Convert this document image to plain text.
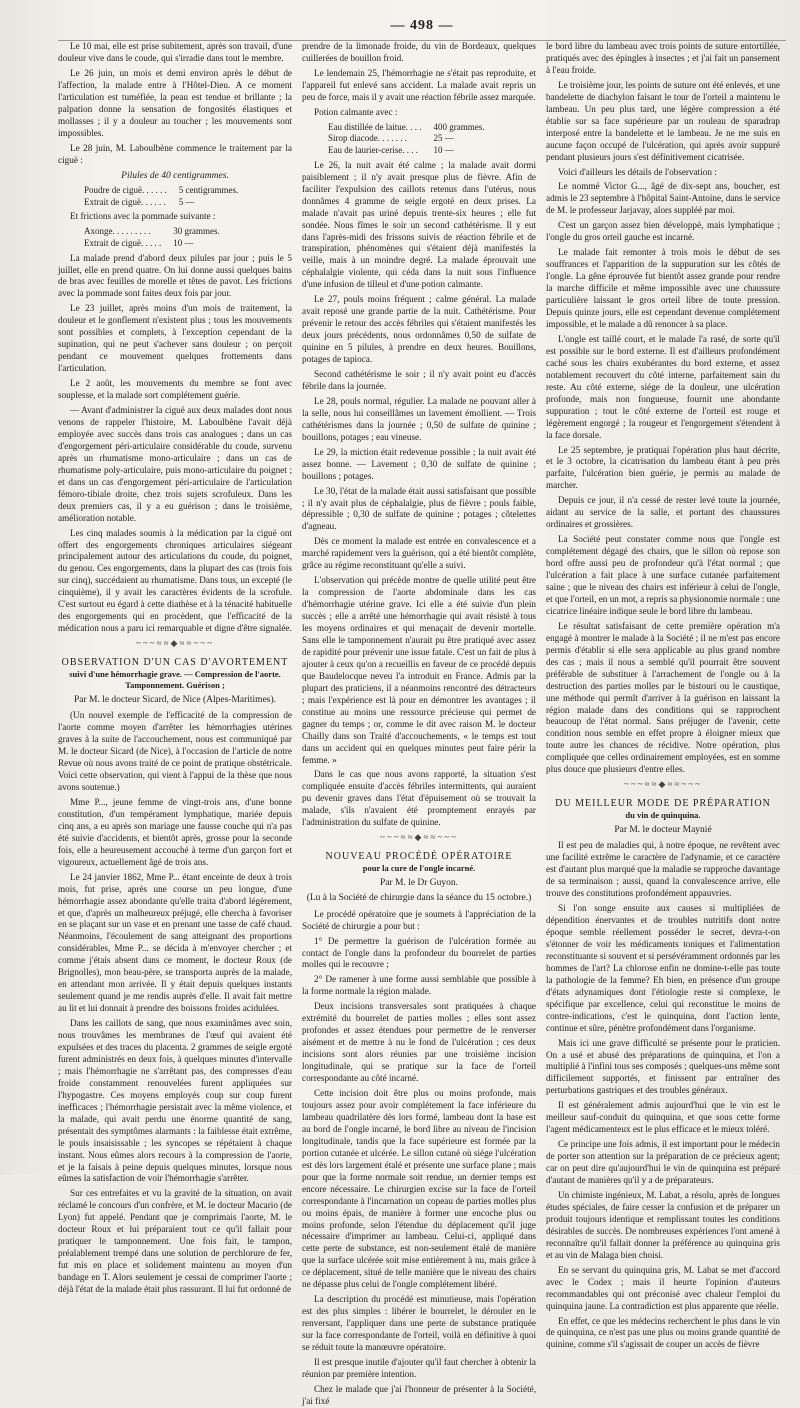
— 498 —

Le 10 mai, elle est prise subitement, après son travail, d'une douleur vive dans le coude, qui s'irradie dans tout le membre.

Le 26 juin, un mois et demi environ après le début de l'affection, la malade entre à l'Hôtel-Dieu. A ce moment l'articulation est tuméfiée, la peau est tendue et brillante ; la palpation donne la sensation de fongosités élastiques et mollasses ; il y a douleur au toucher ; les mouvements sont impossibles.

Le 28 juin, M. Laboulbène commence le traitement par la ciguë :

Pilules de 40 centigrammes.
Poudre de ciguë. . . . . .	5 centigrammes.
Extrait de ciguë. . . . . .	5 —

Et frictions avec la pommade suivante :

Axonge. . . . . . . . .	30 grammes.
Extrait de ciguë. . . . .	10 —

La malade prend d'abord deux pilules par jour ; puis le 5 juillet, elle en prend quatre. On lui donne aussi quelques bains de bras avec feuilles de morelle et têtes de pavot. Les frictions avec la pommade sont faites deux fois par jour.

Le 23 juillet, après moins d'un mois de traitement, la douleur et le gonflement n'existent plus ; tous les mouvements sont possibles et complets, à l'exception cependant de la supination, qui ne peut s'achever sans douleur ; on perçoit pendant ce mouvement quelques frottements dans l'articulation.

Le 2 août, les mouvements du membre se font avec souplesse, et la malade sort complétement guérie.

— Avant d'administrer la ciguë aux deux malades dont nous venons de rappeler l'histoire, M. Laboulbène l'avait déjà employée avec succès dans trois cas analogues ; dans un cas d'engorgement péri-articulaire considérable du coude, survenu après un rhumatisme mono-articulaire ; dans un cas de rhumatisme poly-articulaire, puis mono-articulaire du poignet ; et dans un cas d'engorgement péri-articulaire de l'articulation fémoro-tibiale droite, chez trois sujets scrofuleux. Dans les deux premiers cas, il y a eu guérison ; dans le troisième, amélioration notable.

Les cinq malades soumis à la médication par la ciguë ont offert des engorgements chroniques articulaires siégeant principalement autour des articulations du coude, du poignet, du genou. Ces engorgements, dans la plupart des cas (trois fois sur cinq), succédaient au rhumatisme. Dans tous, un excepté (le cinquième), il y avait les caractères évidents de la scrofule. C'est surtout eu égard à cette diathèse et à la ténacité habituelle des engorgements qui en procèdent, que l'efficacité de la médication nous a paru ici remarquable et digne d'être signalée.

~~~≈≈◆≈≈~~~
OBSERVATION D'UN CAS D'AVORTEMENT
suivi d'une hémorrhagie grave. — Compression de l'aorte. Tamponnement. Guérison ;
Par M. le docteur Sicard, de Nice (Alpes-Maritimes).

(Un nouvel exemple de l'efficacité de la compression de l'aorte comme moyen d'arrêter les hémorrhagies utérines graves à la suite de l'accouchement, nous est communiqué par M. le docteur Sicard (de Nice), à l'occasion de l'article de notre Revue où nous avons traité de ce point de pratique obstétricale. Voici cette observation, qui vient à l'appui de la thèse que nous avons soutenue.)

Mme P..., jeune femme de vingt-trois ans, d'une bonne constitution, d'un tempérament lymphatique, mariée depuis cinq ans, a eu après son mariage une fausse couche qui n'a pas été suivie d'accidents, et bientôt après, grosse pour la seconde fois, elle a heureusement accouché à terme d'un garçon fort et vigoureux, actuellement âgé de trois ans.

Le 24 janvier 1862, Mme P... étant enceinte de deux à trois mois, fut prise, après une course un peu longue, d'une hémorrhagie assez abondante qu'elle traita d'abord légèrement, et que, d'après un malheureux préjugé, elle chercha à favoriser en se plaçant sur un vase et en prenant une tasse de café chaud. Néanmoins, l'écoulement de sang atteignant des proportions considérables, Mme P... se décida à m'envoyer chercher ; et comme j'étais absent dans ce moment, le docteur Roux (de Brignolles), mon beau-père, se transporta auprès de la malade, en attendant mon arrivée. Il y était depuis quelques instants seulement quand je me rendis auprès d'elle. Il avait fait mettre au lit et lui donnait à prendre des boissons froides acidulées.

Dans les caillots de sang, que nous examinâmes avec soin, nous trouvâmes les membranes de l'œuf qui avaient été expulsées et des traces du placenta. 2 grammes de seigle ergoté furent administrés en deux fois, à quelques minutes d'intervalle ; mais l'hémorrhagie ne s'arrêtant pas, des compresses d'eau froide constamment renouvelées furent appliquées sur l'hypogastre. Ces moyens employés coup sur coup furent inefficaces ; l'hémorrhagie persistait avec la même violence, et la malade, qui avait perdu une énorme quantité de sang, présentait des symptômes alarmants : la faiblesse était extrême, le pouls insaisissable ; les syncopes se répétaient à chaque instant. Nous eûmes alors recours à la compression de l'aorte, et je la faisais à peine depuis quelques minutes, lorsque nous eûmes la satisfaction de voir l'hémorrhagie s'arrêter.

Sur ces entrefaites et vu la gravité de la situation, on avait réclamé le concours d'un confrère, et M. le docteur Macario (de Lyon) fut appelé. Pendant que je comprimais l'aorte, M. le docteur Roux et lui préparaient tout ce qu'il fallait pour pratiquer le tamponnement. Une fois fait, le tampon, préalablement trempé dans une solution de perchlorure de fer, fut mis en place et solidement maintenu au moyen d'un bandage en T. Alors seulement je cessai de comprimer l'aorte ; déjà l'état de la malade était plus rassurant. Il lui fut ordonné de

prendre de la limonade froide, du vin de Bordeaux, quelques cuillerées de bouillon froid.

Le lendemain 25, l'hémorrhagie ne s'était pas reproduite, et l'appareil fut enlevé sans accident. La malade avait repris un peu de force, mais il y avait une réaction fébrile assez marquée.

Potion calmante avec :

Eau distillée de laitue. . . .	400 grammes.
Sirop diacode. . . . . . .	25 —
Eau de laurier-cerise. . . .	10 —

Le 26, la nuit avait été calme ; la malade avait dormi paisiblement ; il n'y avait presque plus de fièvre. Afin de faciliter l'expulsion des caillots retenus dans l'utérus, nous donnâmes 4 gramme de seigle ergoté en deux prises. La malade n'avait pas uriné depuis trente-six heures ; elle fut sondée. Nous fîmes le soir un second cathétérisme. Il y eut dans l'après-midi des frissons suivis de réaction fébrile et de transpiration, phénomènes qui s'étaient déjà manifestés la veille, mais à un moindre degré. La malade éprouvait une céphalalgie violente, qui céda dans la nuit sous l'influence d'une infusion de tilleul et d'une potion calmante.

Le 27, pouls moins fréquent ; calme général. La malade avait reposé une grande partie de la nuit. Cathétérisme. Pour prévenir le retour des accès fébriles qui s'étaient manifestés les deux jours précédents, nous ordonnâmes 0,50 de sulfate de quinine en 5 pilules, à prendre en deux heures. Bouillons, potages de tapioca.

Second cathétérisme le soir ; il n'y avait point eu d'accès fébrile dans la journée.

Le 28, pouls normal, régulier. La malade ne pouvant aller à la selle, nous lui conseillâmes un lavement émollient. — Trois cathétérismes dans la journée ; 0,50 de sulfate de quinine ; bouillons, potages ; eau vineuse.

Le 29, la miction était redevenue possible ; la nuit avait été assez bonne. — Lavement ; 0,30 de sulfate de quinine ; bouillons ; potages.

Le 30, l'état de la malade était aussi satisfaisant que possible ; il n'y avait plus de céphalalgie, plus de fièvre ; pouls faible, dépressible ; 0,30 de sulfate de quinine ; potages ; côtelettes d'agneau.

Dès ce moment la malade est entrée en convalescence et a marché rapidement vers la guérison, qui a été bientôt complète, grâce au régime reconstituant qu'elle a suivi.

L'observation qui précède montre de quelle utilité peut être la compression de l'aorte abdominale dans les cas d'hémorrhagie utérine grave. Ici elle a été suivie d'un plein succès ; elle a arrêté une hémorrhagie qui avait résisté à tous les moyens ordinaires et qui menaçait de devenir mortelle. Sans elle le tamponnement n'aurait pu être pratiqué avec assez de rapidité pour prévenir une issue fatale. C'est un fait de plus à ajouter à ceux qu'on a recueillis en faveur de ce procédé depuis que Baudelocque neveu l'a introduit en France. Admis par la plupart des praticiens, il a néanmoins rencontré des détracteurs ; mais l'expérience est là pour en démontrer les avantages ; il constitue au moins une ressource précieuse qui permet de gagner du temps ; or, comme le dit avec raison M. le docteur Chailly dans son Traité d'accouchements, « le temps est tout dans un accident qui en quelques minutes peut faire périr la femme. »

Dans le cas que nous avons rapporté, la situation s'est compliquée ensuite d'accès fébriles intermittents, qui auraient pu devenir graves dans l'état d'épuisement où se trouvait la malade, s'ils n'avaient été promptement enrayés par l'administration du sulfate de quinine.

~~~≈≈◆≈≈~~~
NOUVEAU PROCÉDÉ OPÉRATOIRE
pour la cure de l'ongle incarné.
Par M. le Dr Guyon.
(Lu à la Société de chirurgie dans la séance du 15 octobre.)

Le procédé opératoire que je soumets à l'appréciation de la Société de chirurgie a pour but :

1° De permettre la guérison de l'ulcération formée au contact de l'ongle dans la profondeur du bourrelet de parties molles qui le recouvre ;

2° De ramener à une forme aussi semblable que possible à la forme normale la région malade.

Deux incisions transversales sont pratiquées à chaque extrémité du bourrelet de parties molles ; elles sont assez profondes et assez étendues pour permettre de le renverser aisément et de mettre à nu le fond de l'ulcération ; ces deux incisions sont alors réunies par une troisième incision longitudinale, qui se pratique sur la face de l'orteil correspondante au côté incarné.

Cette incision doit être plus ou moins profonde, mais toujours assez pour avoir complétement la face inférieure du lambeau quadrilatère dès lors formé, lambeau dont la base est au bord de l'ongle incarné, le bord libre au niveau de l'incision longitudinale, tandis que la face supérieure est formée par la portion cutanée et ulcérée. Le sillon cutané où siége l'ulcération est dès lors largement étalé et présente une surface plane ; mais pour que la forme normale soit rendue, un dernier temps est encore nécessaire. Le chirurgien excise sur la face de l'orteil correspondante à l'incarnation un copeau de parties molles plus ou moins épais, de manière à former une encoche plus ou moins profonde, selon l'étendue du déplacement qu'il juge nécessaire d'imprimer au lambeau. Celui-ci, appliqué dans cette perte de substance, est non-seulement étalé de manière que la surface ulcérée soit mise entièrement à nu, mais grâce à ce déplacement, situé de telle manière que le niveau des chairs ne dépasse plus celui de l'ongle complétement libéré.

La description du procédé est minutieuse, mais l'opération est des plus simples : libérer le bourrelet, le dérouler en le renversant, l'appliquer dans une perte de substance pratiquée sur la face correspondante de l'orteil, voilà en définitive à quoi se réduit toute la manœuvre opératoire.

Il est presque inutile d'ajouter qu'il faut chercher à obtenir la réunion par première intention.

Chez le malade que j'ai l'honneur de présenter à la Société, j'ai fixé

le bord libre du lambeau avec trois points de suture entortillée, pratiqués avec des épingles à insectes ; et j'ai fait un pansement à l'eau froide.

Le troisième jour, les points de suture ont été enlevés, et une bandelette de diachylon faisant le tour de l'orteil a maintenu le lambeau. Un peu plus tard, une légère compression a été établie sur sa face supérieure par un rouleau de sparadrap interposé entre la bandelette et le lambeau. Je ne me suis en aucune façon occupé de l'ulcération, qui après avoir suppuré pendant plusieurs jours s'est définitivement cicatrisée.

Voici d'ailleurs les détails de l'observation :

Le nommé Victor G..., âgé de dix-sept ans, boucher, est admis le 23 septembre à l'hôpital Saint-Antoine, dans le service de M. le professeur Jarjavay, alors suppléé par moi.

C'est un garçon assez bien développé, mais lymphatique ; l'ongle du gros orteil gauche est incarné.

Le malade fait remonter à trois mois le début de ses souffrances et l'apparition de la suppuration sur les côtés de l'ongle. La gêne éprouvée fut bientôt assez grande pour rendre la marche difficile et même impossible avec une chaussure particulière laissant le gros orteil libre de toute pression. Depuis quinze jours, elle est cependant devenue complétement impossible, et le malade a dû renoncer à sa place.

L'ongle est taillé court, et le malade l'a rasé, de sorte qu'il est possible sur le bord externe. Il est d'ailleurs profondément caché sous les chairs exubérantes du bord externe, et assez notablement recouvert du côté interne, parfaitement sain du reste. Au côté externe, siége de la douleur, une ulcération profonde, mais non fongueuse, fournit une abondante suppuration ; tout le côté externe de l'orteil est rouge et légèrement engorgé ; la rougeur et l'engorgement s'étendent à la face dorsale.

Le 25 septembre, je pratiquai l'opération plus haut décrite, et le 3 octobre, la cicatrisation du lambeau étant à peu près parfaite, l'ulcération bien guérie, je permis au malade de marcher.

Depuis ce jour, il n'a cessé de rester levé toute la journée, aidant au service de la salle, et portant des chaussures ordinaires et grossières.

La Société peut constater comme nous que l'ongle est complétement dégagé des chairs, que le sillon où repose son bord offre aussi peu de profondeur qu'à l'état normal ; que l'ulcération a fait place à une surface cutanée parfaitement saine ; que le niveau des chairs est inférieur à celui de l'ongle, et que l'orteil, en un mot, a repris sa physionomie normale : une cicatrice linéaire indique seule le bord libre du lambeau.

Le résultat satisfaisant de cette première opération m'a engagé à montrer le malade à la Société ; il ne m'est pas encore permis d'établir si elle sera applicable au plus grand nombre des cas ; mais il nous a semblé qu'il pourrait être souvent préférable de substituer à l'arrachement de l'ongle ou à la destruction des parties molles par le bistouri ou le caustique, une méthode qui permît d'arriver à la guérison en laissant la région malade dans des conditions qui se rapprochent beaucoup de l'état normal. Sans préjuger de l'avenir, cette condition nous semble en effet propre à éloigner mieux que toute autre les chances de récidive. Notre opération, plus compliquée que celles ordinairement employées, est en somme plus douce que plusieurs d'entre elles.

~~~≈≈◆≈≈~~~
DU MEILLEUR MODE DE PRÉPARATION
du vin de quinquina.
Par M. le docteur Maynié

Il est peu de maladies qui, à notre époque, ne revêtent avec une facilité extrême le caractère de l'adynamie, et ce caractère est d'autant plus marqué que la maladie se rapproche davantage de sa terminaison ; aussi, quand la convalescence arrive, elle trouve des constitutions profondément appauvries.

Si l'on songe ensuite aux causes si multipliées de dépendition énervantes et de troubles nutritifs dont notre époque semble réellement posséder le secret, devra-t-on s'étonner de voir les médicaments toniques et l'alimentation reconstituante si souvent et si persévéramment ordonnés par les hommes de l'art? La chlorose enfin ne domine-t-elle pas toute la pathologie de la femme? Eh bien, en présence d'un groupe d'états adynamiques dont l'étiologie reste si complexe, le spécifique par excellence, celui qui reconstitue le moins de contre-indications, c'est le quinquina, dont l'action lente, continue et sûre, pénètre profondément dans l'organisme.

Mais ici une grave difficulté se présente pour le praticien. On a usé et abusé des préparations de quinquina, et l'on a multiplié à l'infini tous ses composés ; quelques-uns même sont difficilement supportés, et finissent par entraîner des perturbations gastriques et des troubles généraux.

Il est généralement admis aujourd'hui que le vin est le meilleur sauf-conduit du quinquina, et que sous cette forme l'agent médicamenteux est le plus efficace et le mieux toléré.

Ce principe une fois admis, il est important pour le médecin de porter son attention sur la préparation de ce précieux agent; car on peut dire qu'aujourd'hui le vin de quinquina est préparé d'autant de manières qu'il y a de préparateurs.

Un chimiste ingénieux, M. Labat, a résolu, après de longues études spéciales, de faire cesser la confusion et de préparer un produit toujours identique et remplissant toutes les conditions désirables de succès. De nombreuses expériences l'ont amené à reconnaître qu'il fallait donner la préférence au quinquina gris et au vin de Malaga bien choisi.

En se servant du quinquina gris, M. Labat se met d'accord avec le Codex ; mais il heurte l'opinion d'auteurs recommandables qui ont préconisé avec chaleur l'emploi du quinquina jaune. La contradiction est plus apparente que réelle.

En effet, ce que les médecins recherchent le plus dans le vin de quinquina, ce n'est pas une plus ou moins grande quantité de quinine, comme s'il s'agissait de couper un accès de fièvre
